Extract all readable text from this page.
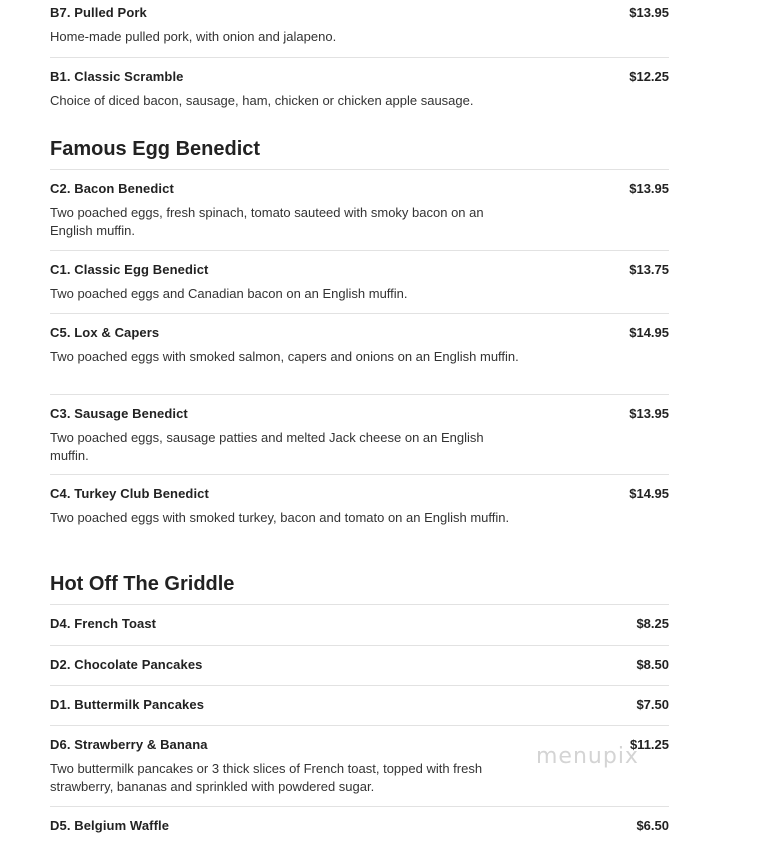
B7. Pulled Pork	$13.95
Home-made pulled pork, with onion and jalapeno.
B1. Classic Scramble	$12.25
Choice of diced bacon, sausage, ham, chicken or chicken apple sausage.
Famous Egg Benedict
C2. Bacon Benedict	$13.95
Two poached eggs, fresh spinach, tomato sauteed with smoky bacon on an English muffin.
C1. Classic Egg Benedict	$13.75
Two poached eggs and Canadian bacon on an English muffin.
C5. Lox & Capers	$14.95
Two poached eggs with smoked salmon, capers and onions on an English muffin.
C3. Sausage Benedict	$13.95
Two poached eggs, sausage patties and melted Jack cheese on an English muffin.
C4. Turkey Club Benedict	$14.95
Two poached eggs with smoked turkey, bacon and tomato on an English muffin.
Hot Off The Griddle
D4. French Toast	$8.25
D2. Chocolate Pancakes	$8.50
D1. Buttermilk Pancakes	$7.50
D6. Strawberry & Banana	$11.25
Two buttermilk pancakes or 3 thick slices of French toast, topped with fresh strawberry, bananas and sprinkled with powdered sugar.
D5. Belgium Waffle	$6.50
menupix
